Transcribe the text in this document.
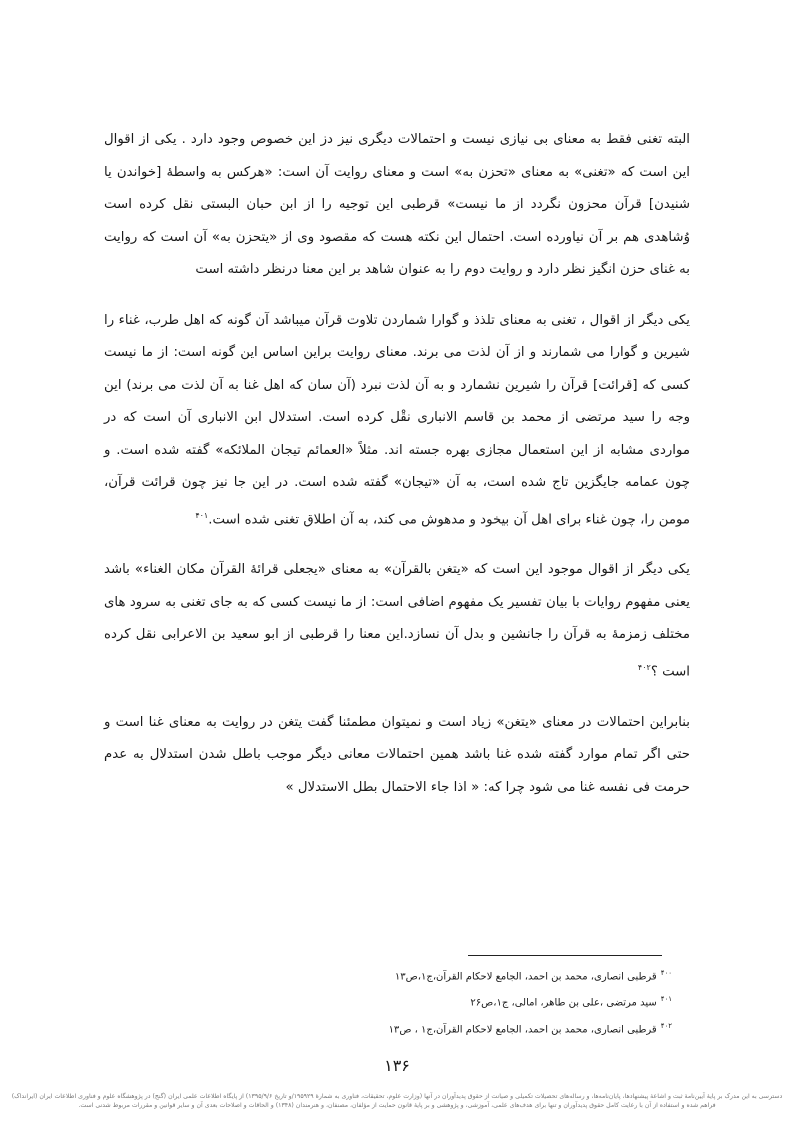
البته تغنی فقط به معنای بی نیازی نیست و احتمالات دیگری نیز دز این خصوص وجود دارد . یکی از اقوال این است که «تغنی» به معنای «تحزن به» است و معنای روایت آن است: «هرکس به واسطهٔ [خواندن یا شنیدن] قرآن محزون نگردد از ما نیست» قرطبی این توجیه را از ابن حبان البستی نقل کرده است وُشاهدی هم بر آن نیاورده است. احتمال این نکته هست که مقصود وی از «یتحزن به» آن است که روایت به غنای حزن انگیز نظر دارد و روایت دوم را به عنوان شاهد بر این معنا درنظر داشته است

یکی دیگر از اقوال ، تغنی به معنای تلذذ و گوارا شماردن تلاوت قرآن میباشد آن گونه که اهل طرب، غناء را شیرین و گوارا می شمارند و از آن لذت می برند. معنای روایت براین اساس این گونه است: از ما نیست کسی که [قرائت] قرآن را شیرین نشمارد و به آن لذت نبرد (آن سان که اهل غنا به آن لذت می برند) این وجه را سید مرتضی از محمد بن قاسم الانباری نقْل کرده است. استدلال ابن الانباری آن است که در مواردی مشابه از این استعمال مجازی بهره جسته اند. مثلاً «العمائم تیجان الملائکه» گفته شده است. و چون عمامه جایگزین تاج شده است، به آن «تیجان» گفته شده است. در این جا نیز چون قرائت قرآن، مومن را، چون غناء برای اهل آن بیخود و مدهوش می کند، به آن اطلاق تغنی شده است.$^{۴۰۱}$

یکی دیگر از اقوال موجود این است که «یتغن بالقرآن» به معنای «یجعلی قرائهٔ القرآن مکان الغناء» باشد یعنی مفهوم روایات با بیان تفسیر یک مفهوم اضافی است: از ما نیست کسی که به جای تغنی به سرود های مختلف زمزمهٔ به قرآن را جانشین و بدل آن نسازد.این معنا را قرطبی از ابو سعید بن الاعرابی نقل کرده است ؟$^{۴۰۲}$

بنابراین احتمالات در معنای «یتغن» زیاد است و نمیتوان مطمئنا گفت یتغن در روایت به معنای غنا است و حتی اگر تمام موارد گفته شده غنا باشد همین احتمالات معانی دیگر موجب باطل شدن استدلال به عدم حرمت فی نفسه غنا می شود چرا که: « اذا جاء الاحتمال بطل الاستدلال »

$^{۴۰۰}$قرطبی انصاری، محمد بن احمد، الجامع لاحکام القرآن،ج۱،ص۱۳
$^{۴۰۱}$سید مرتضی ،علی بن طاهر، امالی، ج۱،ص۲۶
$^{۴۰۲}$قرطبی انصاری، محمد بن احمد، الجامع لاحکام القرآن،ج۱ ، ص۱۳
۱۳۶
دسترسی به این مدرک بر پایهٔ آیین‌نامهٔ ثبت و اشاعهٔ پیشنهادها، پایان‌نامه‌ها، و رساله‌های تحصیلات تکمیلی و صیانت از حقوق پدیدآوران در آنها (وزارت علوم، تحقیقات، فناوری به شمارهٔ ۱۹۵۹۲۹/و تاریخ ۱۳۹۵/۹/۶) از پایگاه اطلاعات علمی ایران (گنج) در پژوهشگاه علوم و فناوری اطلاعات ایران (ایرانداک) فراهم شده و استفاده از آن با رعایت کامل حقوق پدیدآوران و تنها برای هدف‌های علمی، آموزشی، و پژوهشی و بر پایهٔ قانون حمایت از مؤلفان، مصنفان، و هنرمندان (۱۳۴۸) و الحاقات و اصلاحات بعدی آن و سایر قوانین و مقررات مربوط شدنی است.
